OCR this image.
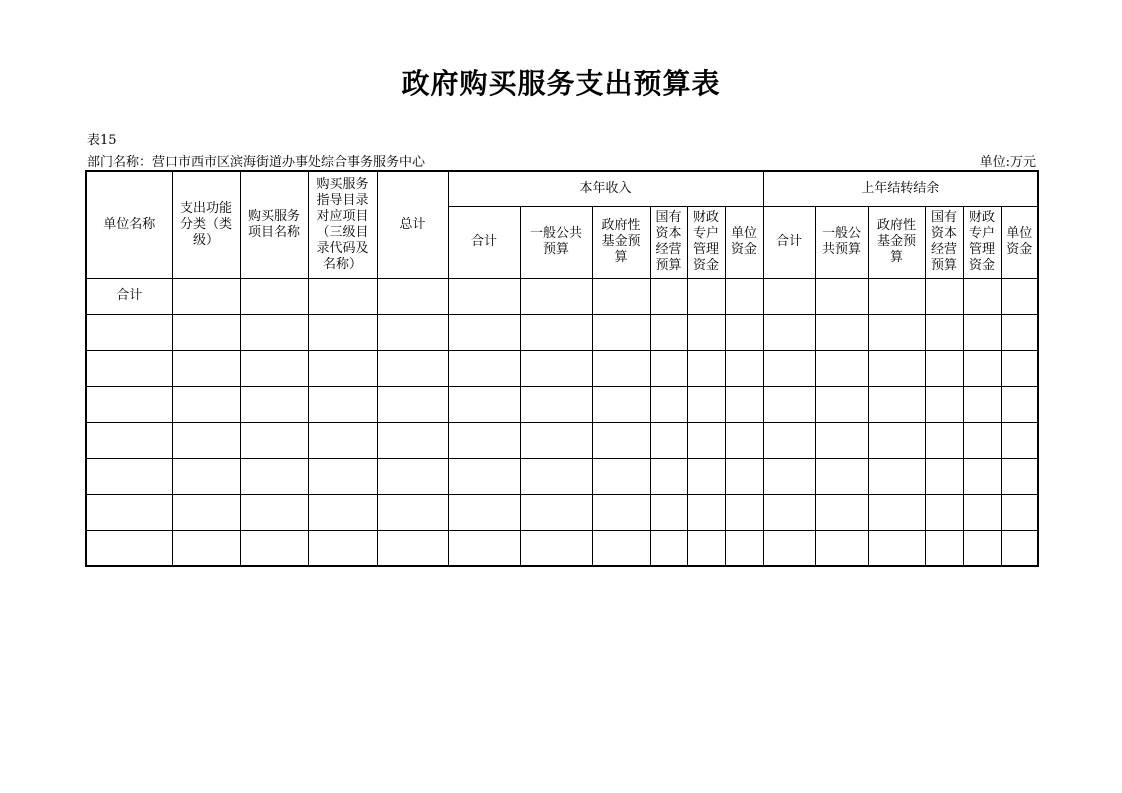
政府购买服务支出预算表
表15
部门名称：营口市西市区滨海街道办事处综合事务服务中心	单位:万元
单位名称	支出功能分类（类级）	购买服务项目名称	购买服务指导目录对应项目（三级目录代码及名称）	总计	本年收入						上年结转结余					

					合计	一般公共预算	政府性基金预算	国有资本经营预算	财政专户管理资金	单位资金	合计	一般公共预算	政府性基金预算	国有资本经营预算	财政专户管理资金	单位资金

合计																
